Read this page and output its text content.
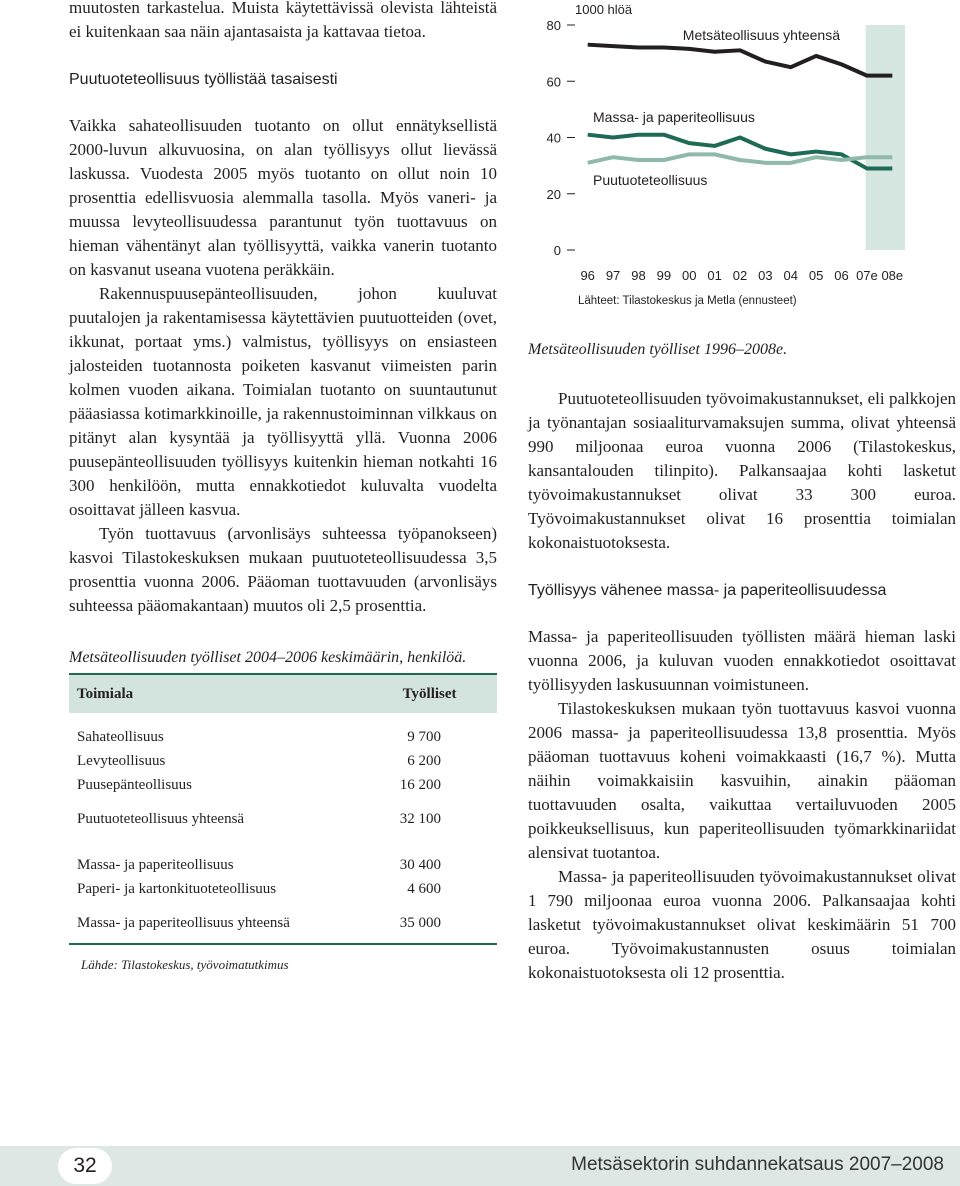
muutosten tarkastelua. Muista käytettävissä olevista lähteistä ei kuitenkaan saa näin ajantasaista ja kattavaa tietoa.

Puutuoteteollisuus työllistää tasaisesti

Vaikka sahateollisuuden tuotanto on ollut ennätyksellistä 2000-luvun alkuvuosina, on alan työllisyys ollut lievässä laskussa. Vuodesta 2005 myös tuotanto on ollut noin 10 prosenttia edellisvuosia alemmalla tasolla. Myös vaneri- ja muussa levyteollisuudessa parantunut työn tuottavuus on hieman vähentänyt alan työllisyyttä, vaikka vanerin tuotanto on kasvanut useana vuotena peräkkäin.

Rakennuspuusepänteollisuuden, johon kuuluvat puutalojen ja rakentamisessa käytettävien puutuotteiden (ovet, ikkunat, portaat yms.) valmistus, työllisyys on ensiasteen jalosteiden tuotannosta poiketen kasvanut viimeisten parin kolmen vuoden aikana. Toimialan tuotanto on suuntautunut pääasiassa kotimarkkinoille, ja rakennustoiminnan vilkkaus on pitänyt alan kysyntää ja työllisyyttä yllä. Vuonna 2006 puusepänteollisuuden työllisyys kuitenkin hieman notkahti 16 300 henkilöön, mutta ennakkotiedot kuluvalta vuodelta osoittavat jälleen kasvua.

Työn tuottavuus (arvonlisäys suhteessa työpanokseen) kasvoi Tilastokeskuksen mukaan puutuoteteollisuudessa 3,5 prosenttia vuonna 2006. Pääoman tuottavuuden (arvonlisäys suhteessa pääomakantaan) muutos oli 2,5 prosenttia.

Metsäteollisuuden työlliset 2004–2006 keskimäärin, henkilöä.

Toimiala	Työlliset
Sahateollisuus	9 700
Levyteollisuus	6 200
Puusepänteollisuus	16 200
Puutuoteteollisuus yhteensä	32 100
Massa- ja paperiteollisuus	30 400
Paperi- ja kartonkituoteteollisuus	4 600
Massa- ja paperiteollisuus yhteensä	35 000

Lähde: Tilastokeskus, työvoimatutkimus

0
20
40
60
80
1000 hlöä
96 97 98 99 00 01 02 03 04 05 06 07e 08e
Metsäteollisuus yhteensä
Massa- ja paperiteollisuus
Puutuoteteollisuus
Lähteet: Tilastokeskus ja Metla (ennusteet)

Metsäteollisuuden työlliset 1996–2008e.

Puutuoteteollisuuden työvoimakustannukset, eli palkkojen ja työnantajan sosiaaliturvamaksujen summa, olivat yhteensä 990 miljoonaa euroa vuonna 2006 (Tilastokeskus, kansantalouden tilinpito). Palkansaajaa kohti lasketut työvoimakustannukset olivat 33 300 euroa. Työvoimakustannukset olivat 16 prosenttia toimialan kokonaistuotoksesta.

Työllisyys vähenee massa- ja paperiteollisuudessa

Massa- ja paperiteollisuuden työllisten määrä hieman laski vuonna 2006, ja kuluvan vuoden ennakkotiedot osoittavat työllisyyden laskusuunnan voimistuneen.

Tilastokeskuksen mukaan työn tuottavuus kasvoi vuonna 2006 massa- ja paperiteollisuudessa 13,8 prosenttia. Myös pääoman tuottavuus koheni voimakkaasti (16,7 %). Mutta näihin voimakkaisiin kasvuihin, ainakin pääoman tuottavuuden osalta, vaikuttaa vertailuvuoden 2005 poikkeuksellisuus, kun paperiteollisuuden työmarkkinariidat alensivat tuotantoa.

Massa- ja paperiteollisuuden työvoimakustannukset olivat 1 790 miljoonaa euroa vuonna 2006. Palkansaajaa kohti lasketut työvoimakustannukset olivat keskimäärin 51 700 euroa. Työvoimakustannusten osuus toimialan kokonaistuotoksesta oli 12 prosenttia.

32	Metsäsektorin suhdannekatsaus 2007–2008
